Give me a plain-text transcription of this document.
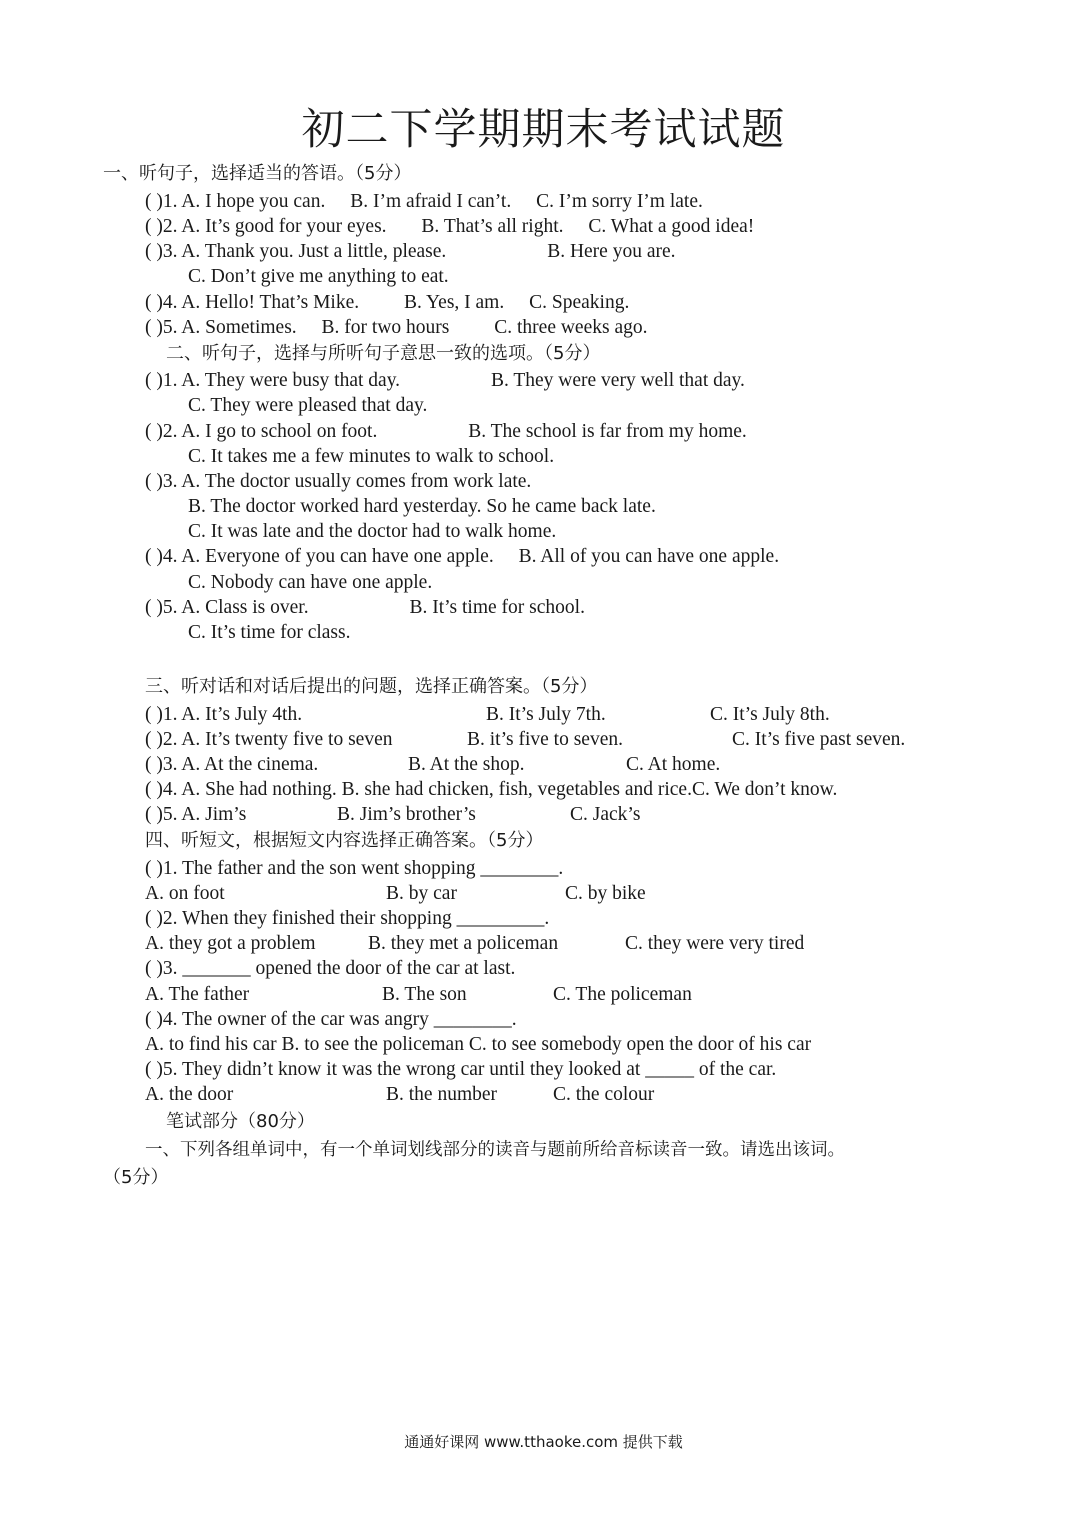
初二下学期期末考试试题
一、听句子，选择适当的答语。（5分）
( )1. A. I hope you can. B. I’m afraid I can’t. C. I’m sorry I’m late.
( )2. A. It’s good for your eyes. B. That’s all right. C. What a good idea!
( )3. A. Thank you. Just a little, please.	B. Here you are.
C. Don’t give me anything to eat.
( )4. A. Hello! That’s Mike. B. Yes, I am. C. Speaking.
( )5. A. Sometimes. B. for two hours C. three weeks ago.
二、听句子，选择与所听句子意思一致的选项。（5分）
( )1. A. They were busy that day.	B. They were very well that day.
C. They were pleased that day.
( )2. A. I go to school on foot.	B. The school is far from my home.
C. It takes me a few minutes to walk to school.
( )3. A. The doctor usually comes from work late.
B. The doctor worked hard yesterday. So he came back late.
C. It was late and the doctor had to walk home.
( )4. A. Everyone of you can have one apple. B. All of you can have one apple.
C. Nobody can have one apple.
( )5. A. Class is over.	B. It’s time for school.
C. It’s time for class.
三、听对话和对话后提出的问题，选择正确答案。（5分）
( )1. A. It’s July 4th.	B. It’s July 7th.	C. It’s July 8th.
( )2. A. It’s twenty five to seven	B. it’s five to seven.	C. It’s five past seven.
( )3. A. At the cinema.	B. At the shop.	C. At home.
( )4. A. She had nothing. B. she had chicken, fish, vegetables and rice.C. We don’t know.
( )5. A. Jim’s	B. Jim’s brother’s	C. Jack’s
四、听短文，根据短文内容选择正确答案。（5分）
( )1. The father and the son went shopping ________.
A. on foot	B. by car	C. by bike
( )2. When they finished their shopping _________.
A. they got a problem	B. they met a policeman	C. they were very tired
( )3. _______ opened the door of the car at last.
A. The father	B. The son	C. The policeman
( )4. The owner of the car was angry ________.
A. to find his car B. to see the policeman C. to see somebody open the door of his car
( )5. They didn’t know it was the wrong car until they looked at _____ of the car.
A. the door	B. the number	C. the colour
笔试部分（80分）
一、下列各组单词中，有一个单词划线部分的读音与题前所给音标读音一致。请选出该词。
（5分）
通通好课网 www.tthaoke.com 提供下载
